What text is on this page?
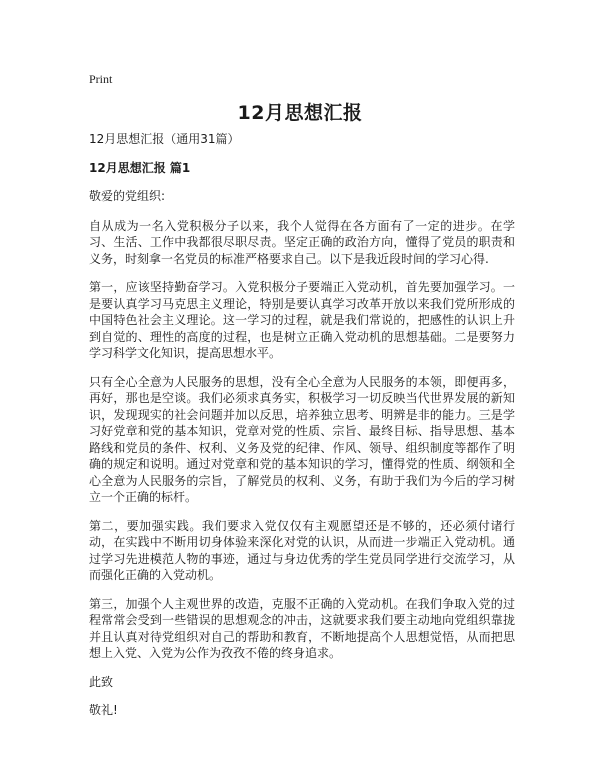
Print
12月思想汇报

12月思想汇报（通用31篇）

12月思想汇报 篇1

敬爱的党组织:

自从成为一名入党积极分子以来，我个人觉得在各方面有了一定的进步。在学习、生活、工作中我都很尽职尽责。坚定正确的政治方向，懂得了党员的职责和义务，时刻拿一名党员的标准严格要求自己。以下是我近段时间的学习心得.

第一，应该坚持勤奋学习。入党积极分子要端正入党动机，首先要加强学习。一是要认真学习马克思主义理论，特别是要认真学习改革开放以来我们党所形成的中国特色社会主义理论。这一学习的过程，就是我们常说的，把感性的认识上升到自觉的、理性的高度的过程，也是树立正确入党动机的思想基础。二是要努力学习科学文化知识，提高思想水平。

只有全心全意为人民服务的思想，没有全心全意为人民服务的本领，即便再多，再好，那也是空谈。我们必须求真务实，积极学习一切反映当代世界发展的新知识，发现现实的社会问题并加以反思，培养独立思考、明辨是非的能力。三是学习好党章和党的基本知识，党章对党的性质、宗旨、最终目标、指导思想、基本路线和党员的条件、权利、义务及党的纪律、作风、领导、组织制度等都作了明确的规定和说明。通过对党章和党的基本知识的学习，懂得党的性质、纲领和全心全意为人民服务的宗旨，了解党员的权利、义务，有助于我们为今后的学习树立一个正确的标杆。

第二，要加强实践。我们要求入党仅仅有主观愿望还是不够的，还必须付诸行动，在实践中不断用切身体验来深化对党的认识，从而进一步端正入党动机。通过学习先进模范人物的事迹，通过与身边优秀的学生党员同学进行交流学习，从而强化正确的入党动机。

第三，加强个人主观世界的改造，克服不正确的入党动机。在我们争取入党的过程常常会受到一些错误的思想观念的冲击，这就要求我们要主动地向党组织靠拢并且认真对待党组织对自己的帮助和教育，不断地提高个人思想觉悟，从而把思想上入党、入党为公作为孜孜不倦的终身追求。

此致

敬礼!
